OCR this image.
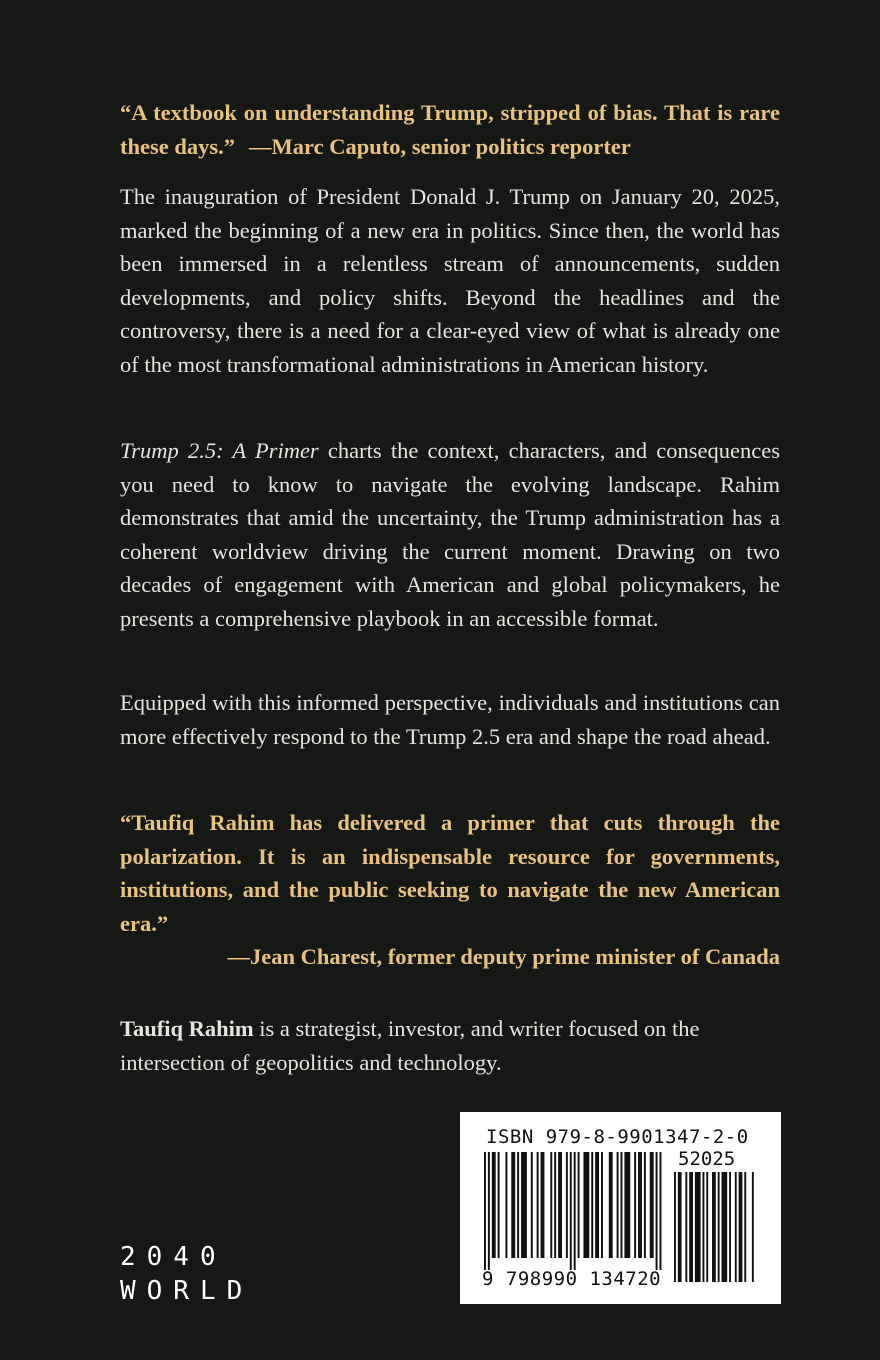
“A textbook on understanding Trump, stripped of bias. That is rare these days.” —Marc Caputo, senior politics reporter

The inauguration of President Donald J. Trump on January 20, 2025, marked the beginning of a new era in politics. Since then, the world has been immersed in a relentless stream of announcements, sudden developments, and policy shifts. Beyond the headlines and the controversy, there is a need for a clear-eyed view of what is already one of the most transformational administrations in American history.

Trump 2.5: A Primer charts the context, characters, and consequences you need to know to navigate the evolving landscape. Rahim demonstrates that amid the uncertainty, the Trump administration has a coherent worldview driving the current moment. Drawing on two decades of engagement with American and global policymakers, he presents a comprehensive playbook in an accessible format.

Equipped with this informed perspective, individuals and institutions can more effectively respond to the Trump 2.5 era and shape the road ahead.

“Taufiq Rahim has delivered a primer that cuts through the polarization. It is an indispensable resource for governments, institutions, and the public seeking to navigate the new American era.”

—Jean Charest, former deputy prime minister of Canada

Taufiq Rahim is a strategist, investor, and writer focused on the intersection of geopolitics and technology.

2040
WORLD
ISBN 979-8-9901347-2-0
52025
9 798990 134720
